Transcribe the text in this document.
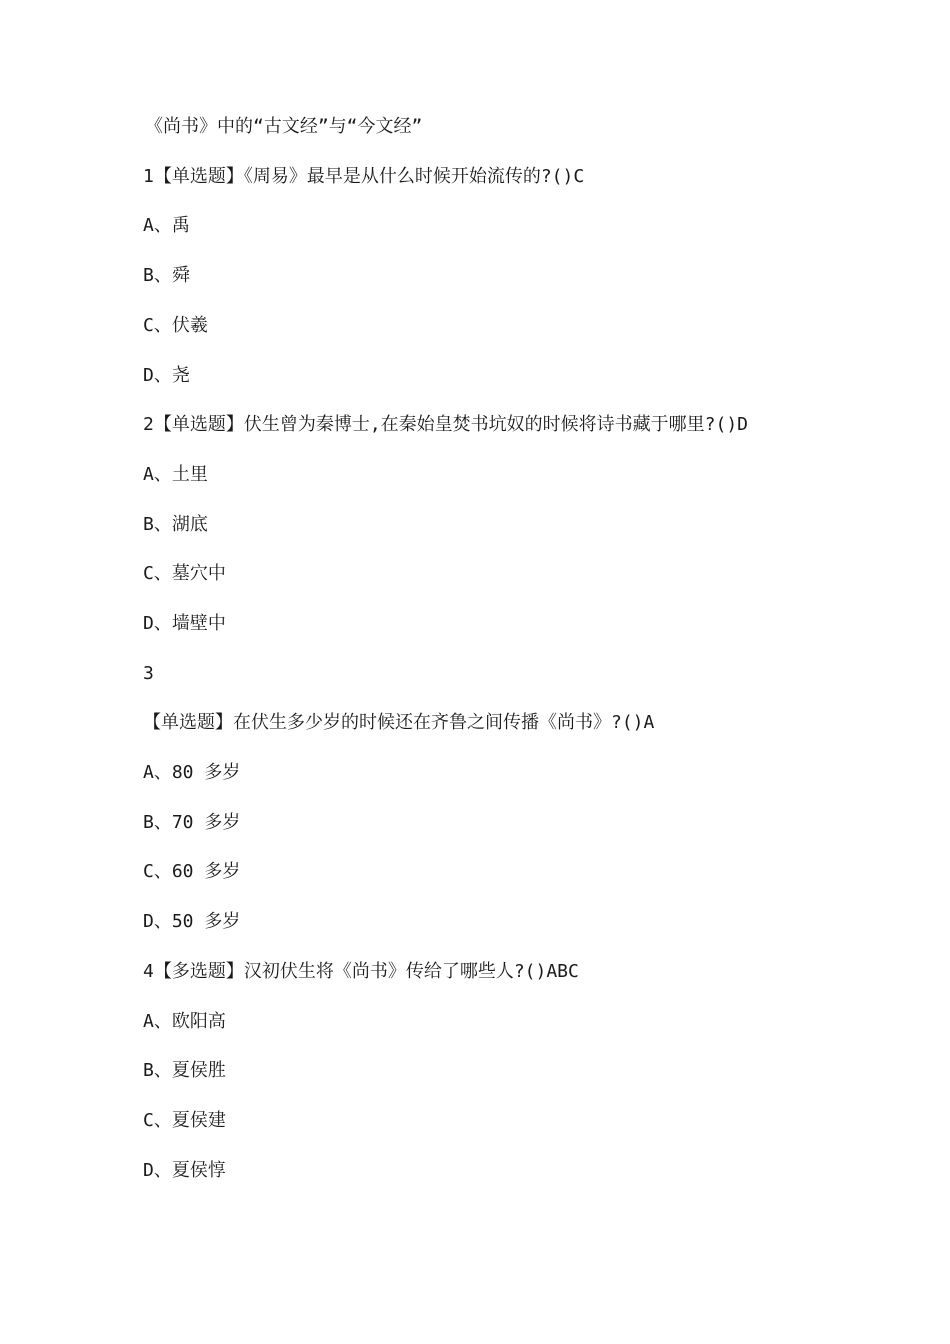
《尚书》中的“古文经”与“今文经”
1【单选题】《周易》最早是从什么时候开始流传的?()C
A、禹
B、舜
C、伏羲
D、尧
2【单选题】伏生曾为秦博士,在秦始皇焚书坑奴的时候将诗书藏于哪里?()D
A、土里
B、湖底
C、墓穴中
D、墙壁中
3
【单选题】在伏生多少岁的时候还在齐鲁之间传播《尚书》?()A
A、80 多岁
B、70 多岁
C、60 多岁
D、50 多岁
4【多选题】汉初伏生将《尚书》传给了哪些人?()ABC
A、欧阳高
B、夏侯胜
C、夏侯建
D、夏侯惇
